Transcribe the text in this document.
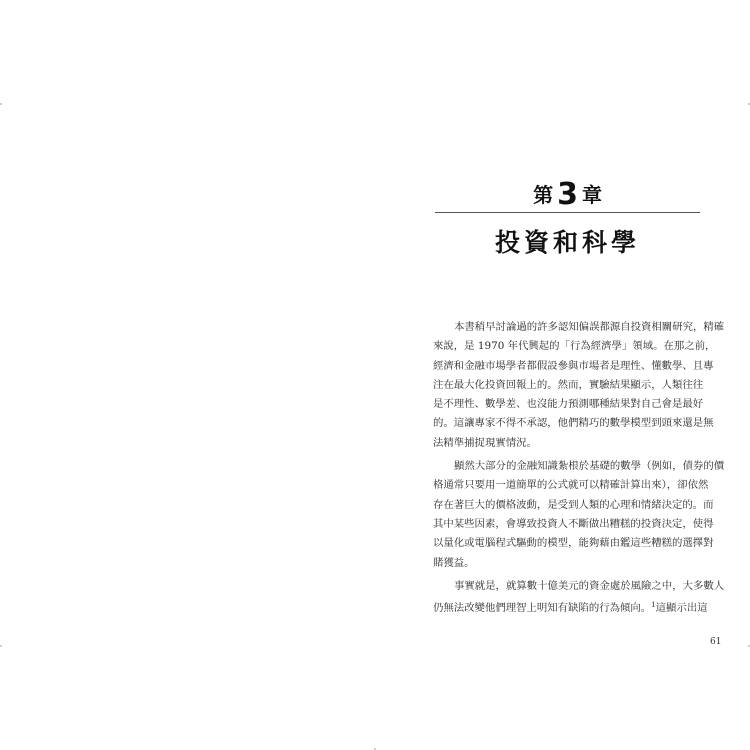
第 3 章
投資和科學
本書稍早討論過的許多認知偏誤都源自投資相關研究，精確
來說，是 1970 年代興起的「行為經濟學」領域。在那之前，
經濟和金融市場學者都假設參與市場者是理性、懂數學、且專
注在最大化投資回報上的。然而，實驗結果顯示，人類往往
是不理性、數學差、也沒能力預測哪種結果對自己會是最好
的。這讓專家不得不承認，他們精巧的數學模型到頭來還是無
法精準捕捉現實情況。
顯然大部分的金融知識紮根於基礎的數學（例如，債券的價
格通常只要用一道簡單的公式就可以精確計算出來），卻依然
存在著巨大的價格波動，是受到人類的心理和情緒決定的。而
其中某些因素，會導致投資人不斷做出糟糕的投資決定，使得
以量化或電腦程式驅動的模型，能夠藉由鑑這些糟糕的選擇對
賭獲益。
事實就是，就算數十億美元的資金處於風險之中，大多數人
仍無法改變他們理智上明知有缺陷的行為傾向。$^1$這顯示出這
61
